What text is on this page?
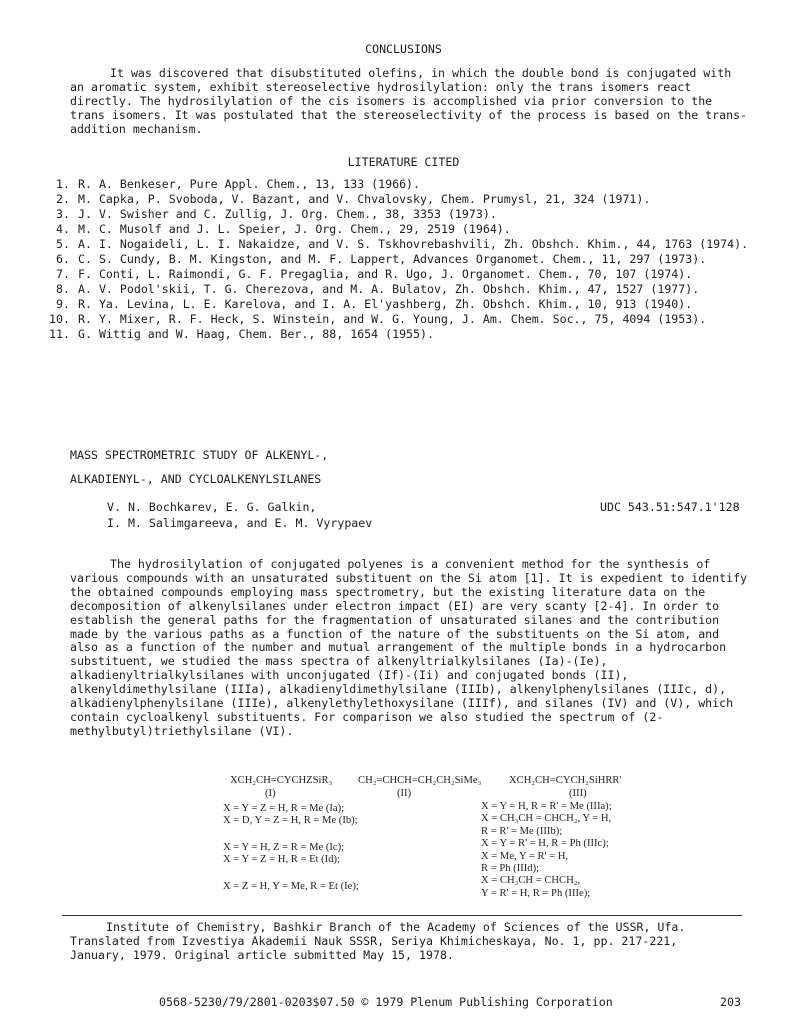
CONCLUSIONS
It was discovered that disubstituted olefins, in which the double bond is conjugated with an aromatic system, exhibit stereoselective hydrosilylation: only the trans isomers react directly. The hydrosilylation of the cis isomers is accomplished via prior conversion to the trans isomers. It was postulated that the stereoselectivity of the process is based on the trans-addition mechanism.
LITERATURE CITED
1. R. A. Benkeser, Pure Appl. Chem., 13, 133 (1966).
2. M. Capka, P. Svoboda, V. Bazant, and V. Chvalovsky, Chem. Prumysl, 21, 324 (1971).
3. J. V. Swisher and C. Zullig, J. Org. Chem., 38, 3353 (1973).
4. M. C. Musolf and J. L. Speier, J. Org. Chem., 29, 2519 (1964).
5. A. I. Nogaideli, L. I. Nakaidze, and V. S. Tskhovrebashvili, Zh. Obshch. Khim., 44, 1763 (1974).
6. C. S. Cundy, B. M. Kingston, and M. F. Lappert, Advances Organomet. Chem., 11, 297 (1973).
7. F. Conti, L. Raimondi, G. F. Pregaglia, and R. Ugo, J. Organomet. Chem., 70, 107 (1974).
8. A. V. Podol'skii, T. G. Cherezova, and M. A. Bulatov, Zh. Obshch. Khim., 47, 1527 (1977).
9. R. Ya. Levina, L. E. Karelova, and I. A. El'yashberg, Zh. Obshch. Khim., 10, 913 (1940).
10. R. Y. Mixer, R. F. Heck, S. Winstein, and W. G. Young, J. Am. Chem. Soc., 75, 4094 (1953).
11. G. Wittig and W. Haag, Chem. Ber., 88, 1654 (1955).
MASS SPECTROMETRIC STUDY OF ALKENYL-,
ALKADIENYL-, AND CYCLOALKENYLSILANES
V. N. Bochkarev, E. G. Galkin,
I. M. Salimgareeva, and E. M. Vyrypaev
UDC 543.51:547.1'128
The hydrosilylation of conjugated polyenes is a convenient method for the synthesis of various compounds with an unsaturated substituent on the Si atom [1]. It is expedient to identify the obtained compounds employing mass spectrometry, but the existing literature data on the decomposition of alkenylsilanes under electron impact (EI) are very scanty [2-4]. In order to establish the general paths for the fragmentation of unsaturated silanes and the contribution made by the various paths as a function of the nature of the substituents on the Si atom, and also as a function of the number and mutual arrangement of the multiple bonds in a hydrocarbon substituent, we studied the mass spectra of alkenyltrialkylsilanes (Ia)-(Ie), alkadienyltrialkylsilanes with unconjugated (If)-(Ii) and conjugated bonds (II), alkenyldimethylsilane (IIIa), alkadienyldimethylsilane (IIIb), alkenylphenylsilanes (IIIc, d), alkadienylphenylsilane (IIIe), alkenylethylethoxysilane (IIIf), and silanes (IV) and (V), which contain cycloalkenyl substituents. For comparison we also studied the spectrum of (2-methylbutyl)triethylsilane (VI).
XCH₂CH=CYCHZSiR₃
(I)
CH₂=CHCH=CH₂CH₂SiMe₃
(II)
XCH₂CH=CYCH₂SiHRR'
(III)
X = Y = Z = H, R = Me (Ia);
X = D, Y = Z = H, R = Me (Ib);
X = Y = H, Z = R = Me (Ic);
X = Y = Z = H, R = Et (Id);
X = Z = H, Y = Me, R = Et (Ie);
X = Y = H, R = R' = Me (IIIa);
X = CH₃CH = CHCH₂, Y = H,
R = R' = Me (IIIb);
X = Y = R' = H, R = Ph (IIIc);
X = Me, Y = R' = H,
R = Ph (IIId);
X = CH₃CH = CHCH₂,
Y = R' = H, R = Ph (IIIe);
Institute of Chemistry, Bashkir Branch of the Academy of Sciences of the USSR, Ufa.
Translated from Izvestiya Akademii Nauk SSSR, Seriya Khimicheskaya, No. 1, pp. 217-221,
January, 1979. Original article submitted May 15, 1978.
0568-5230/79/2801-0203$07.50 © 1979 Plenum Publishing Corporation	203
